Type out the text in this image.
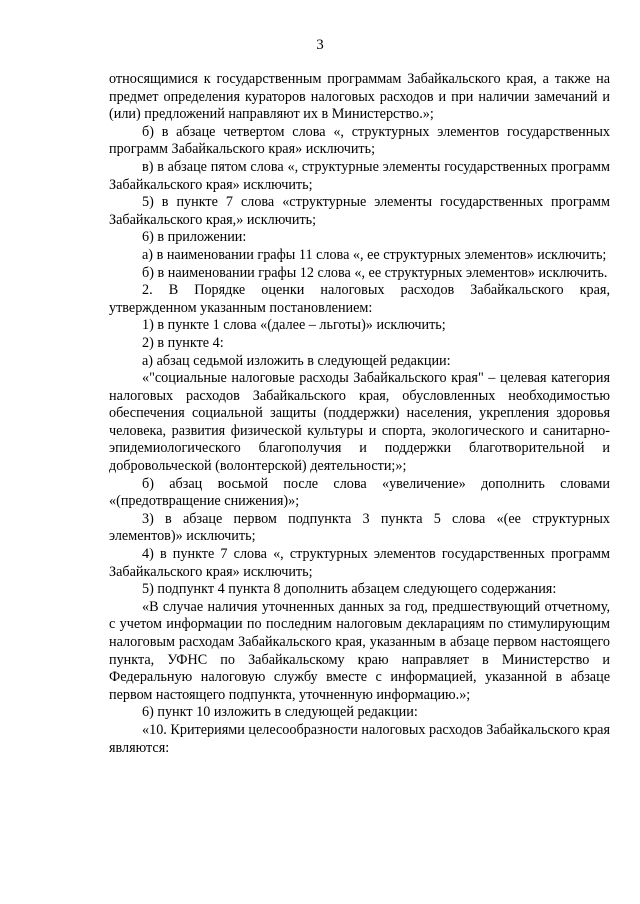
3

относящимися к государственным программам Забайкальского края, а также на предмет определения кураторов налоговых расходов и при наличии замечаний и (или) предложений направляют их в Министерство.»;

б) в абзаце четвертом слова «, структурных элементов государственных программ Забайкальского края» исключить;

в) в абзаце пятом слова «, структурные элементы государственных программ Забайкальского края» исключить;

5) в пункте 7 слова «структурные элементы государственных программ Забайкальского края,» исключить;

6) в приложении:

а) в наименовании графы 11 слова «, ее структурных элементов» исключить;

б) в наименовании графы 12 слова «, ее структурных элементов» исключить.

2. В Порядке оценки налоговых расходов Забайкальского края, утвержденном указанным постановлением:

1) в пункте 1 слова «(далее – льготы)» исключить;

2) в пункте 4:

а) абзац седьмой изложить в следующей редакции:

«"социальные налоговые расходы Забайкальского края" – целевая категория налоговых расходов Забайкальского края, обусловленных необходимостью обеспечения социальной защиты (поддержки) населения, укрепления здоровья человека, развития физической культуры и спорта, экологического и санитарно-эпидемиологического благополучия и поддержки благотворительной и добровольческой (волонтерской) деятельности;»;

б) абзац восьмой после слова «увеличение» дополнить словами «(предотвращение снижения)»;

3) в абзаце первом подпункта 3 пункта 5 слова «(ее структурных элементов)» исключить;

4) в пункте 7 слова «, структурных элементов государственных программ Забайкальского края» исключить;

5) подпункт 4 пункта 8 дополнить абзацем следующего содержания:

«В случае наличия уточненных данных за год, предшествующий отчетному, с учетом информации по последним налоговым декларациям по стимулирующим налоговым расходам Забайкальского края, указанным в абзаце первом настоящего пункта, УФНС по Забайкальскому краю направляет в Министерство и Федеральную налоговую службу вместе с информацией, указанной в абзаце первом настоящего подпункта, уточненную информацию.»;

6) пункт 10 изложить в следующей редакции:

«10. Критериями целесообразности налоговых расходов Забайкальского края являются:
